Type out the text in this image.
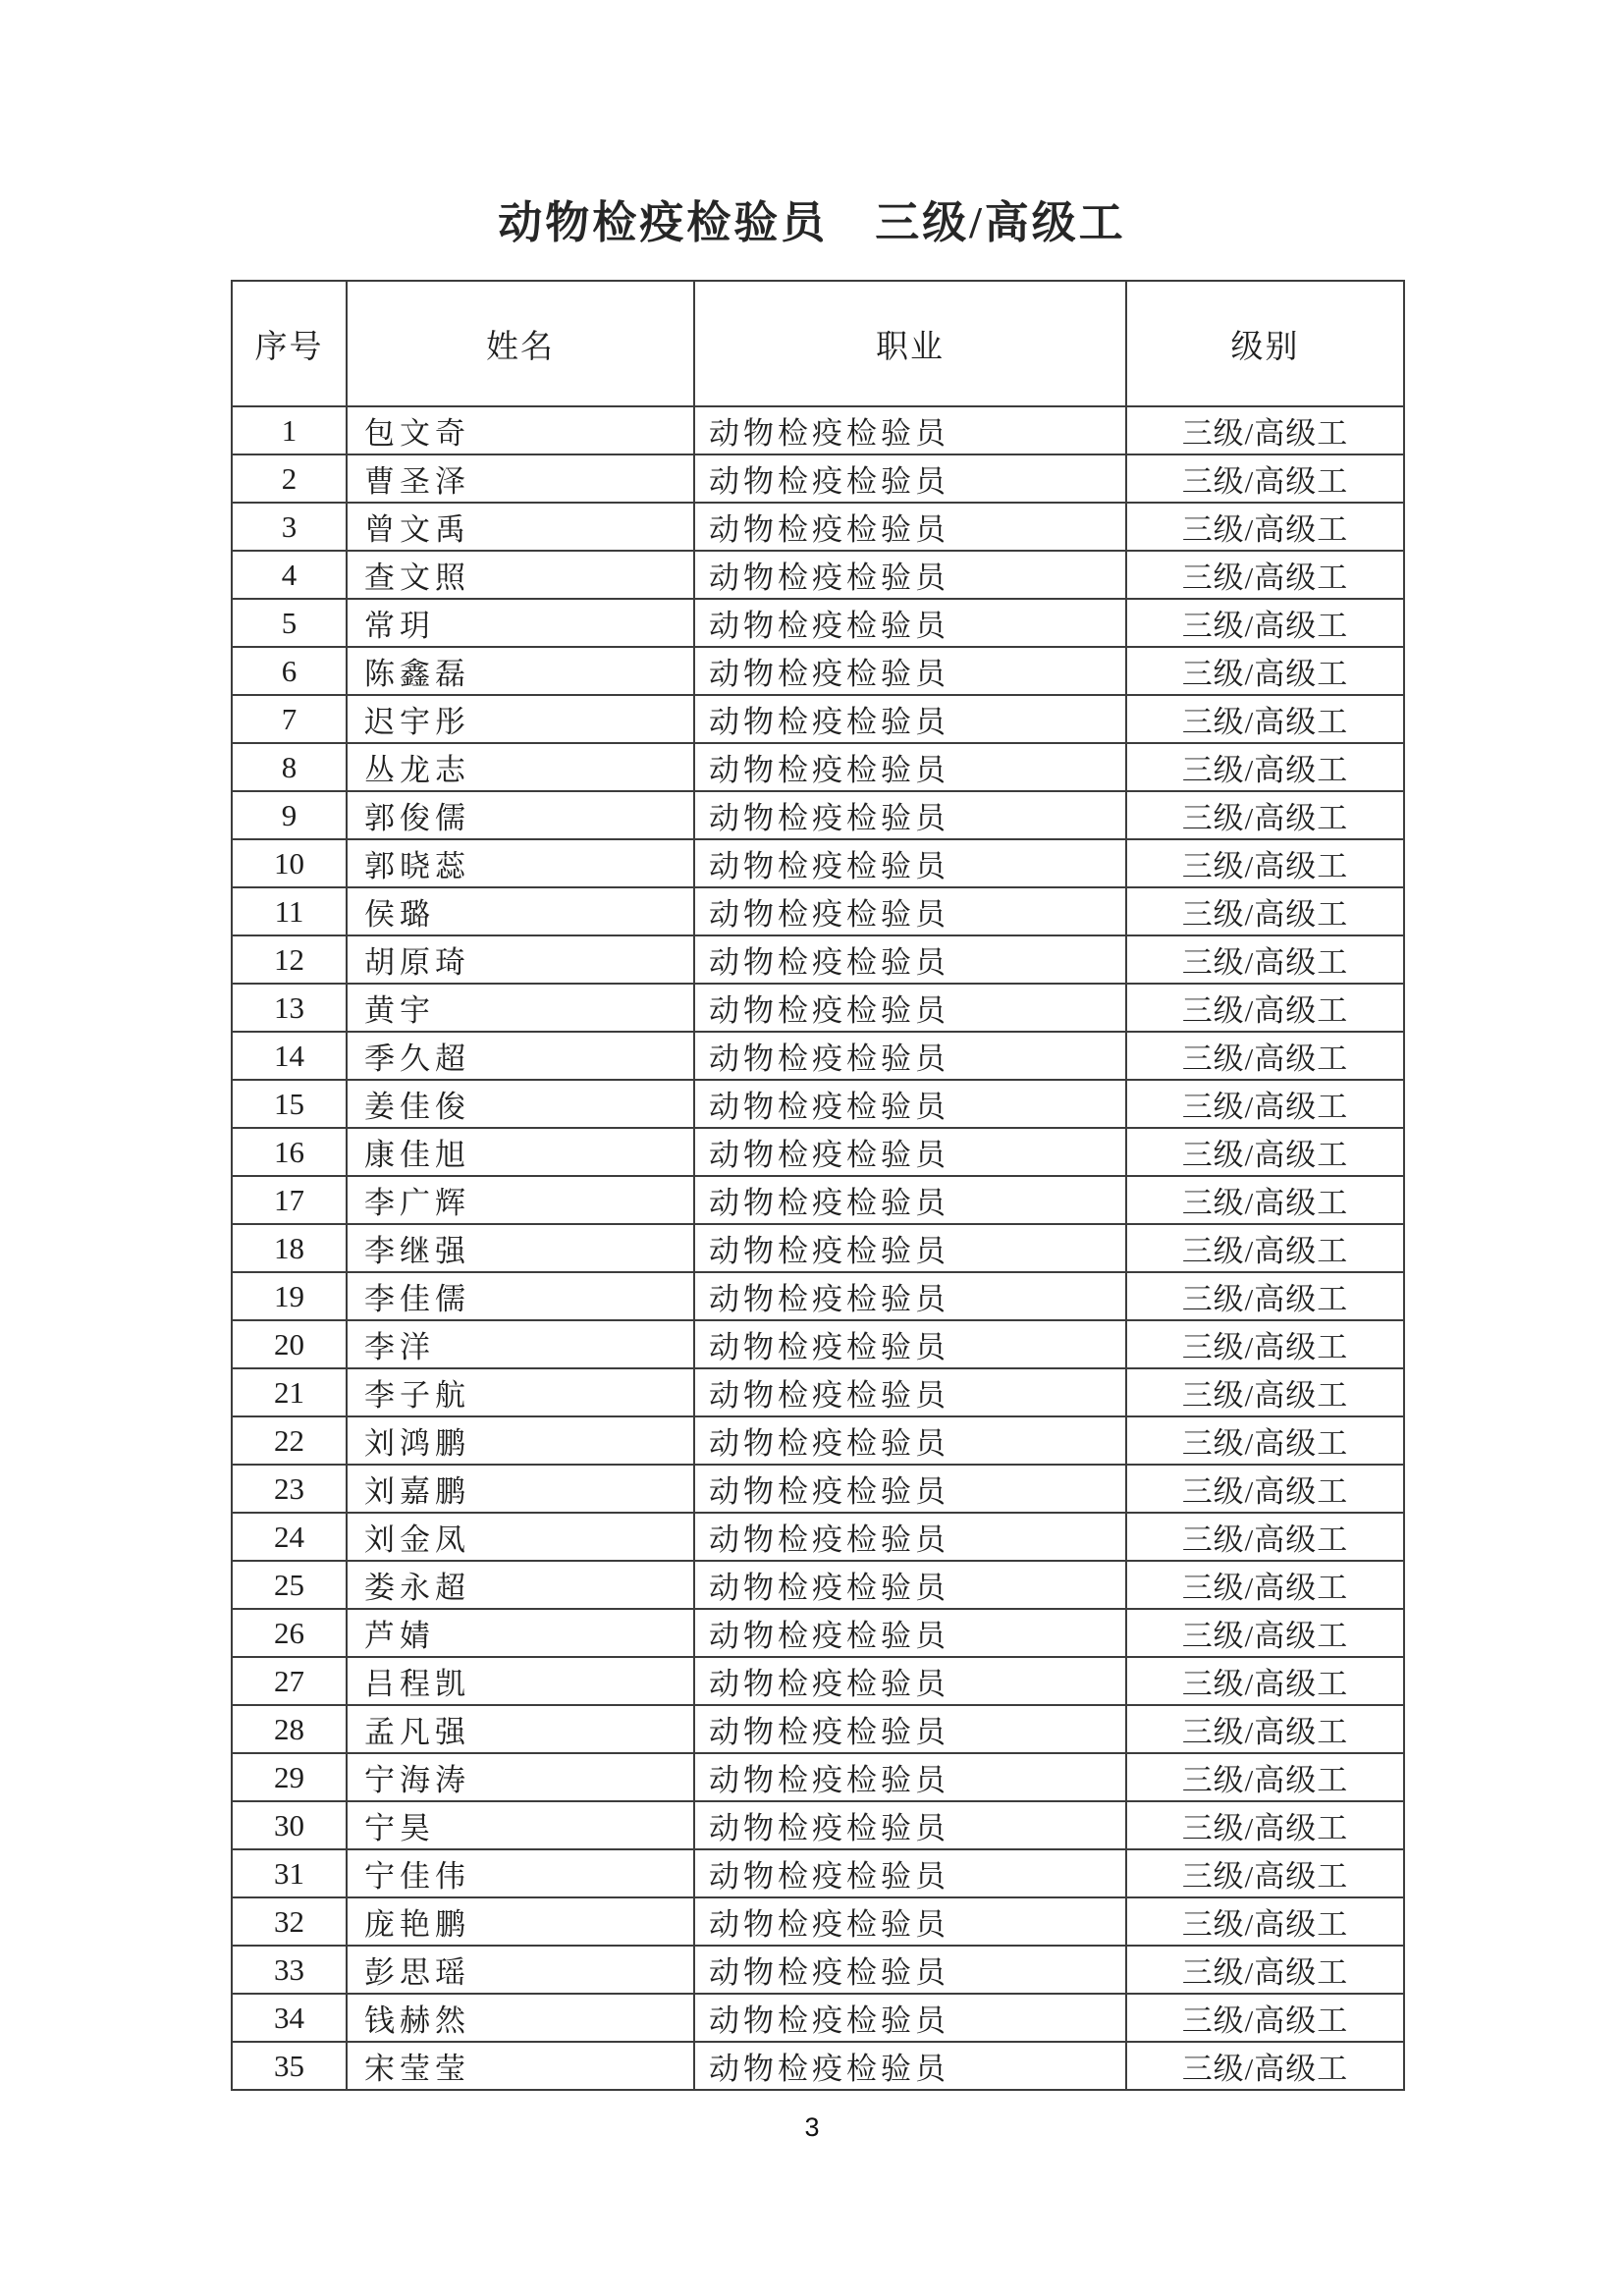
动物检疫检验员　三级/高级工
序号	姓名	职业	级别
1	包文奇	动物检疫检验员	三级/高级工
2	曹圣泽	动物检疫检验员	三级/高级工
3	曾文禹	动物检疫检验员	三级/高级工
4	查文照	动物检疫检验员	三级/高级工
5	常玥	动物检疫检验员	三级/高级工
6	陈鑫磊	动物检疫检验员	三级/高级工
7	迟宇彤	动物检疫检验员	三级/高级工
8	丛龙志	动物检疫检验员	三级/高级工
9	郭俊儒	动物检疫检验员	三级/高级工
10	郭晓蕊	动物检疫检验员	三级/高级工
11	侯璐	动物检疫检验员	三级/高级工
12	胡原琦	动物检疫检验员	三级/高级工
13	黄宇	动物检疫检验员	三级/高级工
14	季久超	动物检疫检验员	三级/高级工
15	姜佳俊	动物检疫检验员	三级/高级工
16	康佳旭	动物检疫检验员	三级/高级工
17	李广辉	动物检疫检验员	三级/高级工
18	李继强	动物检疫检验员	三级/高级工
19	李佳儒	动物检疫检验员	三级/高级工
20	李洋	动物检疫检验员	三级/高级工
21	李子航	动物检疫检验员	三级/高级工
22	刘鸿鹏	动物检疫检验员	三级/高级工
23	刘嘉鹏	动物检疫检验员	三级/高级工
24	刘金凤	动物检疫检验员	三级/高级工
25	娄永超	动物检疫检验员	三级/高级工
26	芦婧	动物检疫检验员	三级/高级工
27	吕程凯	动物检疫检验员	三级/高级工
28	孟凡强	动物检疫检验员	三级/高级工
29	宁海涛	动物检疫检验员	三级/高级工
30	宁昊	动物检疫检验员	三级/高级工
31	宁佳伟	动物检疫检验员	三级/高级工
32	庞艳鹏	动物检疫检验员	三级/高级工
33	彭思瑶	动物检疫检验员	三级/高级工
34	钱赫然	动物检疫检验员	三级/高级工
35	宋莹莹	动物检疫检验员	三级/高级工
3
